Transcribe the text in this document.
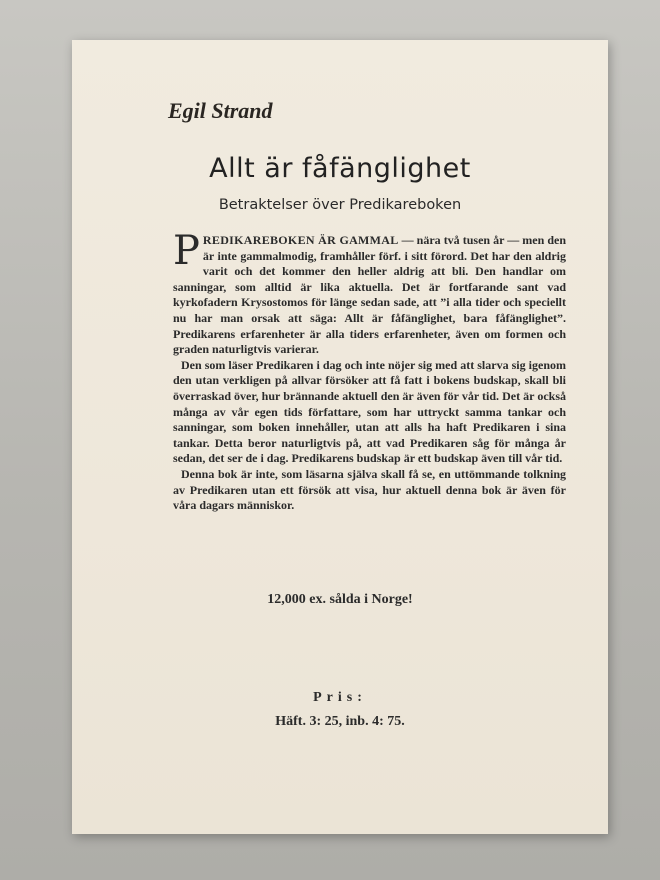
Egil Strand
Allt är fåfänglighet
Betraktelser över Predikareboken

PREDIKAREBOKEN ÄR GAMMAL — nära två tusen år — men den är inte gammalmodig, framhåller förf. i sitt förord. Det har den aldrig varit och det kommer den heller aldrig att bli. Den handlar om sanningar, som alltid är lika aktuella. Det är fortfarande sant vad kyrkofadern Krysostomos för länge sedan sade, att ”i alla tider och speciellt nu har man orsak att säga: Allt är fåfänglighet, bara fåfänglighet”. Predikarens erfarenheter är alla tiders erfarenheter, även om formen och graden naturligtvis varierar.

Den som läser Predikaren i dag och inte nöjer sig med att slarva sig igenom den utan verkligen på allvar försöker att få fatt i bokens budskap, skall bli överraskad över, hur brännande aktuell den är även för vår tid. Det är också många av vår egen tids författare, som har uttryckt samma tankar och sanningar, som boken innehåller, utan att alls ha haft Predikaren i sina tankar. Detta beror naturligtvis på, att vad Predikaren såg för många år sedan, det ser de i dag. Predikarens budskap är ett budskap även till vår tid.

Denna bok är inte, som läsarna själva skall få se, en uttömmande tolkning av Predikaren utan ett försök att visa, hur aktuell denna bok är även för våra dagars människor.

12,000 ex. sålda i Norge!
Pris:
Häft. 3: 25, inb. 4: 75.
